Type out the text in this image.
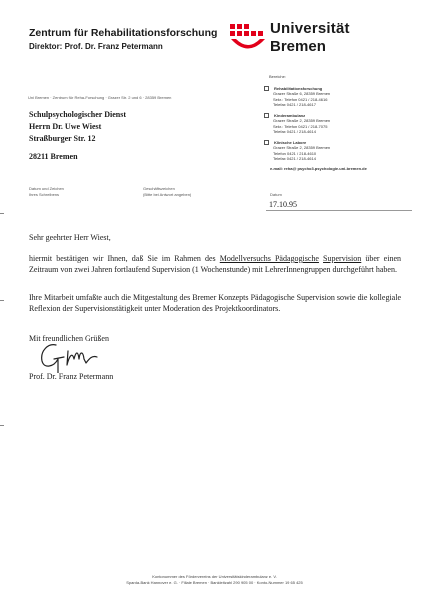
Zentrum für Rehabilitationsforschung
Direktor: Prof. Dr. Franz Petermann
Universität
Bremen
Uni Bremen · Zentrum für Reha-Forschung · Grazer Str. 2 und 6 · 28359 Bremen
Bereiche:
Rehabilitationsforschung
Grazer Straße 6, 28359 Bremen
Sekr.: Telefon 0421 / 218-4616
Telefax 0421 / 218-4617
Kinderambulanz
Grazer Straße 2, 28359 Bremen
Sekr.: Telefon 0421 / 218-7075
Telefax 0421 / 218-4614
Klinische Labore
Grazer Straße 2, 28359 Bremen
Telefon 0421 / 218-4610
Telefax 0421 / 218-4614
e-mail: reha@ psycho3.psychologie.uni-bremen.de
Schulpsychologischer Dienst
Herrn Dr. Uwe Wiest
Straßburger Str. 12
28211 Bremen
Datum und Zeichen
Ihres Schreibens
Geschäftszeichen
(Bitte bei Antwort angeben)	Datum
17.10.95
Sehr geehrter Herr Wiest,
hiermit bestätigen wir Ihnen, daß Sie im Rahmen des Modellversuchs Pädagogische Supervision über einen Zeitraum von zwei Jahren fortlaufend Supervision (1 Wochenstunde) mit LehrerInnengruppen durchgeführt haben.
Ihre Mitarbeit umfaßte auch die Mitgestaltung des Bremer Konzepts Pädagogische Supervision sowie die kollegiale Reflexion der Supervisionstätigkeit unter Moderation des Projektkoordinators.
Mit freundlichen Grüßen
Prof. Dr. Franz Petermann
Kontonummer des Fördervereins der Universitätskinderambulanz e. V.
Sparda-Bank Hannover e. G. · Filiale Bremen · Bankleitzahl 290 905 00 · Konto-Nummer 19 65 425
